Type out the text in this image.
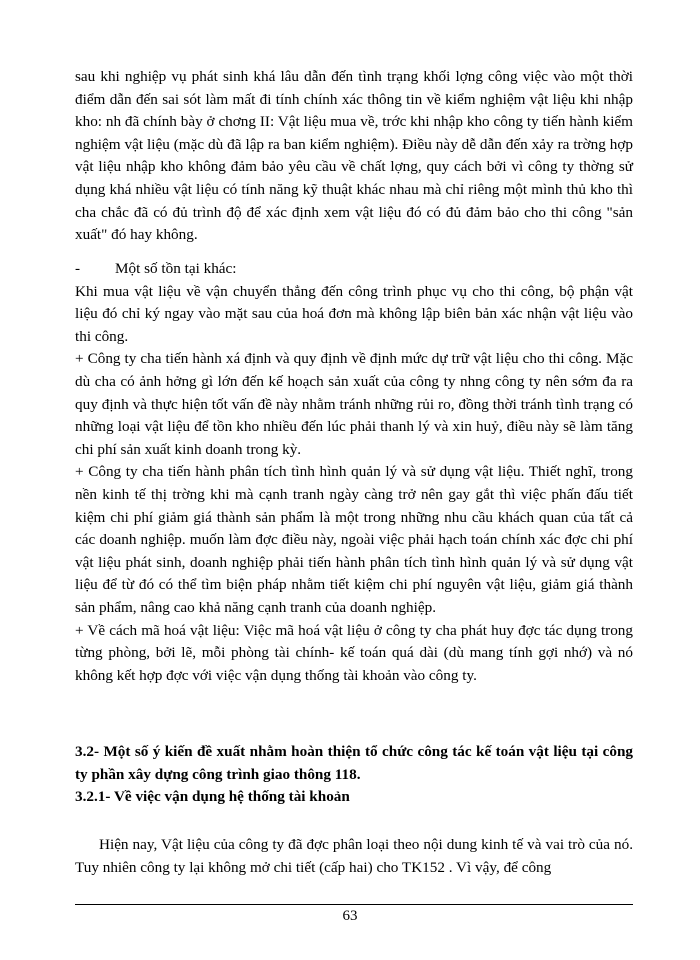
sau khi nghiệp vụ phát sinh khá lâu dẫn đến tình trạng khối lợng công việc vào một thời điểm dẫn đến sai sót làm mất đi tính chính xác thông tin về kiểm nghiệm vật liệu khi nhập kho: nh đã chính bày ở chơng II: Vật liệu mua về, trớc khi nhập kho công ty tiến hành kiểm nghiệm vật liệu (mặc dù đã lập ra ban kiểm nghiệm). Điều này dễ dẫn đến xảy ra trờng hợp vật liệu nhập kho không đảm bảo yêu cầu về chất lợng, quy cách bởi vì công ty thờng sử dụng khá nhiều vật liệu có tính năng kỹ thuật khác nhau mà chỉ riêng một mình thủ kho thì cha chắc đã có đủ trình độ để xác định xem vật liệu đó có đủ đảm bảo cho thi công "sản xuất" đó hay không.

- Một số tồn tại khác:

Khi mua vật liệu về vận chuyển thẳng đến công trình phục vụ cho thi công, bộ phận vật liệu đó chỉ ký ngay vào mặt sau của hoá đơn mà không lập biên bản xác nhận vật liệu vào thi công.

+ Công ty cha tiến hành xá định và quy định về định mức dự trữ vật liệu cho thi công. Mặc dù cha có ảnh hởng gì lớn đến kế hoạch sản xuất của công ty nhng công ty nên sớm đa ra quy định và thực hiện tốt vấn đề này nhằm tránh những rủi ro, đồng thời tránh tình trạng có những loại vật liệu để tồn kho nhiều đến lúc phải thanh lý và xin huỷ, điều này sẽ làm tăng chi phí sản xuất kinh doanh trong kỳ.

+ Công ty cha tiến hành phân tích tình hình quản lý và sử dụng vật liệu. Thiết nghĩ, trong nền kinh tế thị trờng khi mà cạnh tranh ngày càng trở nên gay gắt thì việc phấn đấu tiết kiệm chi phí giảm giá thành sản phẩm là một trong những nhu cầu khách quan của tất cả các doanh nghiệp. muốn làm đợc điều này, ngoài việc phải hạch toán chính xác đợc chi phí vật liệu phát sinh, doanh nghiệp phải tiến hành phân tích tình hình quản lý và sử dụng vật liệu để từ đó có thể tìm biện pháp nhằm tiết kiệm chi phí nguyên vật liệu, giảm giá thành sản phẩm, nâng cao khả năng cạnh tranh của doanh nghiệp.

+ Về cách mã hoá vật liệu: Việc mã hoá vật liệu ở công ty cha phát huy đợc tác dụng trong từng phòng, bởi lẽ, mỗi phòng tài chính- kế toán quá dài (dù mang tính gợi nhớ) và nó không kết hợp đợc với việc vận dụng thống tài khoản vào công ty.

3.2- Một số ý kiến đề xuất nhằm hoàn thiện tổ chức công tác kế toán vật liệu tại công ty phần xây dựng công trình giao thông 118.

3.2.1- Về việc vận dụng hệ thống tài khoản

Hiện nay, Vật liệu của công ty đã đợc phân loại theo nội dung kinh tế và vai trò của nó. Tuy nhiên công ty lại không mở chi tiết (cấp hai) cho TK152 . Vì vậy, để công

63
